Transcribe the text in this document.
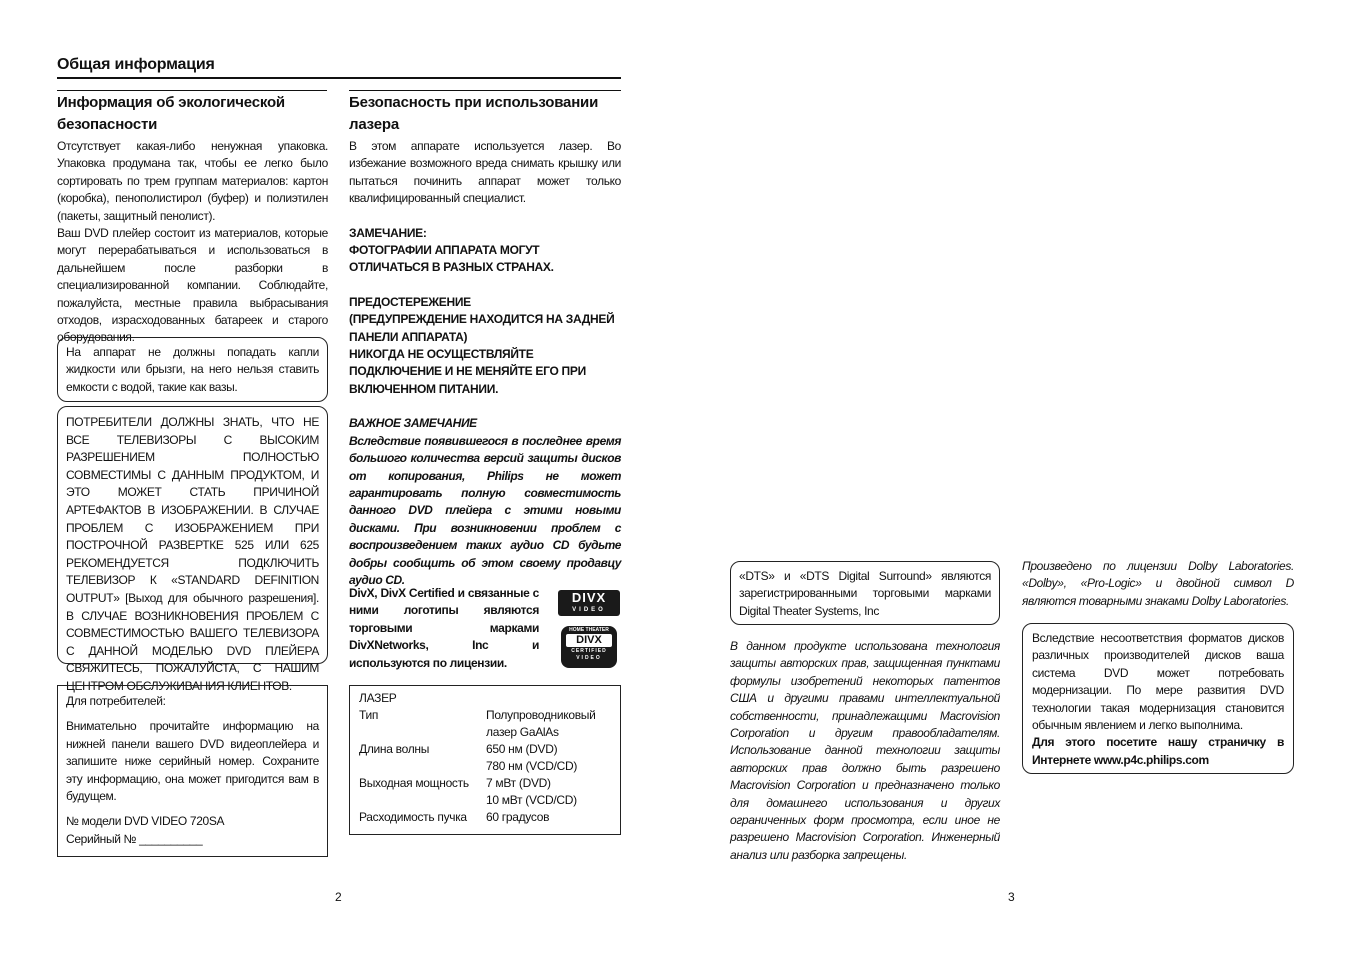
Общая информация

Информация об экологической

безопасности

Отсутствует какая-либо ненужная упаковка. Упаковка продумана так, чтобы ее легко было сортировать по трем группам материалов: картон (коробка), пенополистирол (буфер) и полиэтилен (пакеты, защитный пенолист).

Ваш DVD плейер состоит из материалов, которые могут перерабатываться и использоваться в дальнейшем после разборки в специализированной компании. Соблюдайте, пожалуйста, местные правила выбрасывания отходов, израсходованных батареек и старого оборудования.

На аппарат не должны попадать капли жидкости или брызги, на него нельзя ставить емкости с водой, такие как вазы.

ПОТРЕБИТЕЛИ ДОЛЖНЫ ЗНАТЬ, ЧТО НЕ ВСЕ ТЕЛЕВИЗОРЫ С ВЫСОКИМ РАЗРЕШЕНИЕМ ПОЛНОСТЬЮ СОВМЕСТИМЫ С ДАННЫМ ПРОДУКТОМ, И ЭТО МОЖЕТ СТАТЬ ПРИЧИНОЙ АРТЕФАКТОВ В ИЗОБРАЖЕНИИ. В СЛУЧАЕ ПРОБЛЕМ С ИЗОБРАЖЕНИЕМ ПРИ ПОСТРОЧНОЙ РАЗВЕРТКЕ 525 ИЛИ 625 РЕКОМЕНДУЕТСЯ ПОДКЛЮЧИТЬ ТЕЛЕВИЗОР К «STANDARD DEFINITION OUTPUT» [Выход для обычного разрешения]. В СЛУЧАЕ ВОЗНИКНОВЕНИЯ ПРОБЛЕМ С СОВМЕСТИМОСТЬЮ ВАШЕГО ТЕЛЕВИЗОРА С ДАННОЙ МОДЕЛЬЮ DVD ПЛЕЙЕРА СВЯЖИТЕСЬ, ПОЖАЛУЙСТА, С НАШИМ ЦЕНТРОМ ОБСЛУЖИВАНИЯ КЛИЕНТОВ.

Для потребителей:

Внимательно прочитайте информацию на нижней панели вашего DVD видеоплейера и запишите ниже серийный номер. Сохраните эту информацию, она может пригодится вам в будущем.

№ модели DVD VIDEO 720SA

Серийный № __________

Безопасность при использовании

лазера

В этом аппарате используется лазер. Во избежание возможного вреда снимать крышку или пытаться починить аппарат может только квалифицированный специалист.

ЗАМЕЧАНИЕ:

ФОТОГРАФИИ АППАРАТА МОГУТ ОТЛИЧАТЬСЯ В РАЗНЫХ СТРАНАХ.

ПРЕДОСТЕРЕЖЕНИЕ

(ПРЕДУПРЕЖДЕНИЕ НАХОДИТСЯ НА ЗАДНЕЙ ПАНЕЛИ АППАРАТА)

НИКОГДА НЕ ОСУЩЕСТВЛЯЙТЕ ПОДКЛЮЧЕНИЕ И НЕ МЕНЯЙТЕ ЕГО ПРИ ВКЛЮЧЕННОМ ПИТАНИИ.

ВАЖНОЕ ЗАМЕЧАНИЕ

Вследствие появившегося в последнее время большого количества версий защиты дисков от копирования, Philips не может гарантировать полную совместимость данного DVD плейера с этими новыми дисками. При возникновении проблем с воспроизведением таких аудио CD будьте добры сообщить об этом своему продавцу аудио CD.

DivX, DivX Certified и связанные с ними логотипы являются торговыми марками DivXNetworks, Inc и используются по лицензии.

DIVX
VIDEO
HOME THEATER
DIVX
CERTIFIED
VIDEO
ЛАЗЕР
Тип	Полупроводниковый
лазер GaAlAs
Длина волны	650 нм (DVD)
780 нм (VCD/CD)
Выходная мощность	7 мВт (DVD)
10 мВт (VCD/CD)
Расходимость пучка	60 градусов
2

«DTS» и «DTS Digital Surround» являются зарегистрированными торговыми марками Digital Theater Systems, Inc

В данном продукте использована технология защиты авторских прав, защищенная пунктами формулы изобретений некоторых патентов США и другими правами интеллектуальной собственности, принадлежащими Macrovision Corporation и другим правообладателям. Использование данной технологии защиты авторских прав должно быть разрешено Macrovision Corporation и предназначено только для домашнего использования и других ограниченных форм просмотра, если иное не разрешено Macrovision Corporation. Инженерный анализ или разборка запрещены.

Произведено по лицензии Dolby Laboratories. «Dolby», «Pro-Logic» и двойной символ D являются товарными знаками Dolby Laboratories.

Вследствие несоответствия форматов дисков различных производителей дисков ваша система DVD может потребовать модернизации. По мере развития DVD технологии такая модернизация становится обычным явлением и легко выполнима.

Для этого посетите нашу страничку в Интернете www.p4c.philips.com

3
